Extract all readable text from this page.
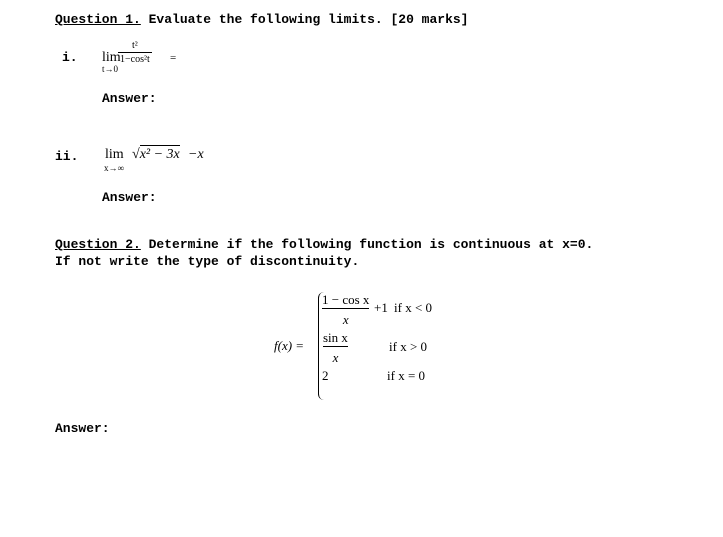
Question 1. Evaluate the following limits. [20 marks]
i. lim
$\frac{\text{t²}}{\text{1−cos²t}}$ =
t→0
Answer:
ii. lim √x² − 3x −x
x→∞
Answer:
Question 2. Determine if the following function is continuous at x=0.
If not write the type of discontinuity.
f(x) =
$\frac{\text{1 − cos x}}{x} +1$ if x < 0
$\frac{\text{sin x}}{x}$	if x > 0
2	if x = 0
Answer:
